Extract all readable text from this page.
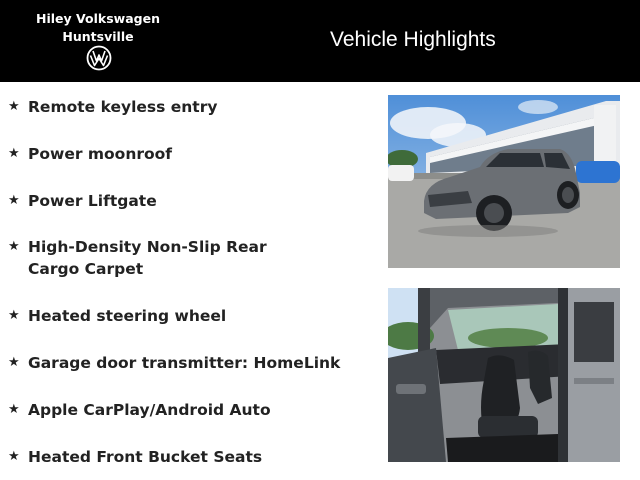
Hiley Volkswagen
Huntsville	Vehicle Highlights
★ Remote keyless entry
★ Power moonroof
★ Power Liftgate
★ High-Density Non-Slip Rear Cargo Carpet
★ Heated steering wheel
★ Garage door transmitter: HomeLink
★ Apple CarPlay/Android Auto
★ Heated Front Bucket Seats
